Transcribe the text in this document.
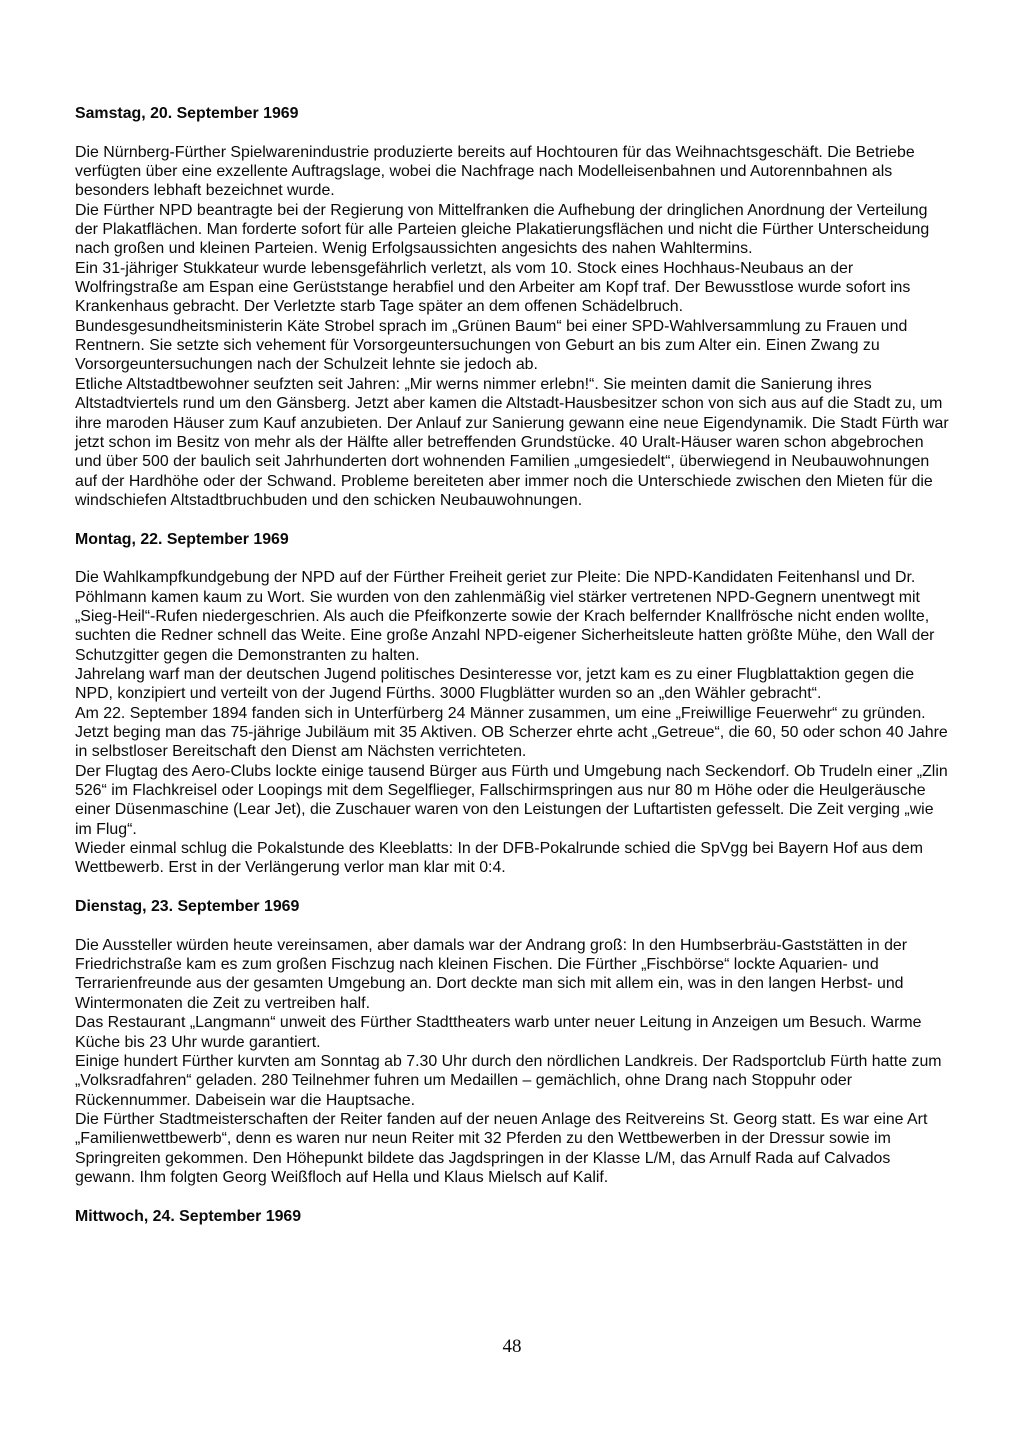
Samstag, 20. September 1969

Die Nürnberg-Fürther Spielwarenindustrie produzierte bereits auf Hochtouren für das Weihnachtsgeschäft. Die Betriebe verfügten über eine exzellente Auftragslage, wobei die Nachfrage nach Modelleisenbahnen und Autorennbahnen als besonders lebhaft bezeichnet wurde.

Die Fürther NPD beantragte bei der Regierung von Mittelfranken die Aufhebung der dringlichen Anordnung der Verteilung der Plakatflächen. Man forderte sofort für alle Parteien gleiche Plakatierungsflächen und nicht die Fürther Unterscheidung nach großen und kleinen Parteien. Wenig Erfolgsaussichten angesichts des nahen Wahltermins.

Ein 31-jähriger Stukkateur wurde lebensgefährlich verletzt, als vom 10. Stock eines Hochhaus-Neubaus an der Wolfringstraße am Espan eine Gerüststange herabfiel und den Arbeiter am Kopf traf. Der Bewusstlose wurde sofort ins Krankenhaus gebracht. Der Verletzte starb Tage später an dem offenen Schädelbruch.

Bundesgesundheitsministerin Käte Strobel sprach im „Grünen Baum“ bei einer SPD-Wahlversammlung zu Frauen und Rentnern. Sie setzte sich vehement für Vorsorgeuntersuchungen von Geburt an bis zum Alter ein. Einen Zwang zu Vorsorgeuntersuchungen nach der Schulzeit lehnte sie jedoch ab.

Etliche Altstadtbewohner seufzten seit Jahren: „Mir werns nimmer erlebn!“. Sie meinten damit die Sanierung ihres Altstadtviertels rund um den Gänsberg. Jetzt aber kamen die Altstadt-Hausbesitzer schon von sich aus auf die Stadt zu, um ihre maroden Häuser zum Kauf anzubieten. Der Anlauf zur Sanierung gewann eine neue Eigendynamik. Die Stadt Fürth war jetzt schon im Besitz von mehr als der Hälfte aller betreffenden Grundstücke. 40 Uralt-Häuser waren schon abgebrochen und über 500 der baulich seit Jahrhunderten dort wohnenden Familien „umgesiedelt“, überwiegend in Neubauwohnungen auf der Hardhöhe oder der Schwand. Probleme bereiteten aber immer noch die Unterschiede zwischen den Mieten für die windschiefen Altstadtbruchbuden und den schicken Neubauwohnungen.

Montag, 22. September 1969

Die Wahlkampfkundgebung der NPD auf der Fürther Freiheit geriet zur Pleite: Die NPD-Kandidaten Feitenhansl und Dr. Pöhlmann kamen kaum zu Wort. Sie wurden von den zahlenmäßig viel stärker vertretenen NPD-Gegnern unentwegt mit „Sieg-Heil“-Rufen niedergeschrien. Als auch die Pfeifkonzerte sowie der Krach belfernder Knallfrösche nicht enden wollte, suchten die Redner schnell das Weite. Eine große Anzahl NPD-eigener Sicherheitsleute hatten größte Mühe, den Wall der Schutzgitter gegen die Demonstranten zu halten.

Jahrelang warf man der deutschen Jugend politisches Desinteresse vor, jetzt kam es zu einer Flugblattaktion gegen die NPD, konzipiert und verteilt von der Jugend Fürths. 3000 Flugblätter wurden so an „den Wähler gebracht“.

Am 22. September 1894 fanden sich in Unterfürberg 24 Männer zusammen, um eine „Freiwillige Feuerwehr“ zu gründen. Jetzt beging man das 75-jährige Jubiläum mit 35 Aktiven. OB Scherzer ehrte acht „Getreue“, die 60, 50 oder schon 40 Jahre in selbstloser Bereitschaft den Dienst am Nächsten verrichteten.

Der Flugtag des Aero-Clubs lockte einige tausend Bürger aus Fürth und Umgebung nach Seckendorf. Ob Trudeln einer „Zlin 526“ im Flachkreisel oder Loopings mit dem Segelflieger, Fallschirmspringen aus nur 80 m Höhe oder die Heulgeräusche einer Düsenmaschine (Lear Jet), die Zuschauer waren von den Leistungen der Luftartisten gefesselt. Die Zeit verging „wie im Flug“.

Wieder einmal schlug die Pokalstunde des Kleeblatts: In der DFB-Pokalrunde schied die SpVgg bei Bayern Hof aus dem Wettbewerb. Erst in der Verlängerung verlor man klar mit 0:4.

Dienstag, 23. September 1969

Die Aussteller würden heute vereinsamen, aber damals war der Andrang groß: In den Humbserbräu-Gaststätten in der Friedrichstraße kam es zum großen Fischzug nach kleinen Fischen. Die Fürther „Fischbörse“ lockte Aquarien- und Terrarienfreunde aus der gesamten Umgebung an. Dort deckte man sich mit allem ein, was in den langen Herbst- und Wintermonaten die Zeit zu vertreiben half.

Das Restaurant „Langmann“ unweit des Fürther Stadttheaters warb unter neuer Leitung in Anzeigen um Besuch. Warme Küche bis 23 Uhr wurde garantiert.

Einige hundert Fürther kurvten am Sonntag ab 7.30 Uhr durch den nördlichen Landkreis. Der Radsportclub Fürth hatte zum „Volksradfahren“ geladen. 280 Teilnehmer fuhren um Medaillen – gemächlich, ohne Drang nach Stoppuhr oder Rückennummer. Dabeisein war die Hauptsache.

Die Fürther Stadtmeisterschaften der Reiter fanden auf der neuen Anlage des Reitvereins St. Georg statt. Es war eine Art „Familienwettbewerb“, denn es waren nur neun Reiter mit 32 Pferden zu den Wettbewerben in der Dressur sowie im Springreiten gekommen. Den Höhepunkt bildete das Jagdspringen in der Klasse L/M, das Arnulf Rada auf Calvados gewann. Ihm folgten Georg Weißfloch auf Hella und Klaus Mielsch auf Kalif.

Mittwoch, 24. September 1969
48
